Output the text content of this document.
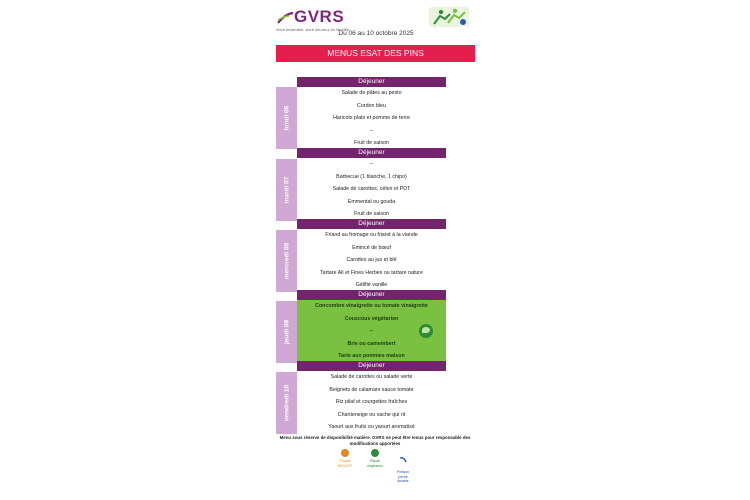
GVRS
Vivre ensemble, vivre heureux en Vendée
Du 06 au 10 octobre 2025
MENUS ESAT DES PINS
lundi 06
mardi 07
mercredi 08
jeudi 09
vendredi 10
Déjeuner
Salade de pâtes au pesto
Cordon bleu
Haricots plats et pomme de terre
--
Fruit de saison
Déjeuner
--
Barbecue (1 blanche, 1 chipo)
Salade de carottes, céleri et PDT
Emmental ou gouda
Fruit de saison
Déjeuner
Friand au fromage ou friand à la viande
Emincé de bœuf
Carottes au jus et blé
Tartare Ail et Fines Herbes ou tartare nature
Gélifié vanille
Déjeuner
Concombre vinaigrette ou tomate vinaigrette
Couscous végétarien
--
Brie ou camembert
Tarte aux pommes maison
Déjeuner
Salade de carottes ou salade verte
Beignets de calamars sauce tomate
Riz pilaf et courgettes fraîches
Chanteneige ou vache qui rit
Yaourt aux fruits ou yaourt aromatisé
Menu sous réserve de disponibilité matière. GVRS ne peut être tenus pour responsable des modifications apportées
Produit
BIO/CDF
Repas
végétarien
Poisson
pêche
durable
